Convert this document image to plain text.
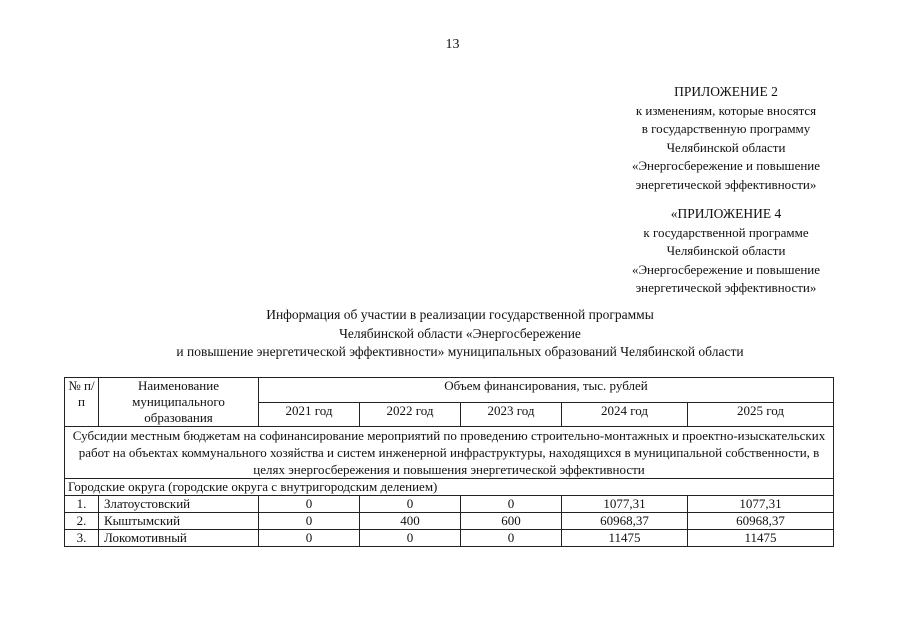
13
ПРИЛОЖЕНИЕ 2
к изменениям, которые вносятся
в государственную программу
Челябинской области
«Энергосбережение и повышение
энергетической эффективности»
«ПРИЛОЖЕНИЕ 4
к государственной программе
Челябинской области
«Энергосбережение и повышение
энергетической эффективности»
Информация об участии в реализации государственной программы
Челябинской области «Энергосбережение
и повышение энергетической эффективности» муниципальных образований Челябинской области
№ п/п	Наименование муниципального образования	Объем финансирования, тыс. рублей				
		2021 год	2022 год	2023 год	2024 год	2025 год
Субсидии местным бюджетам на софинансирование мероприятий по проведению строительно-монтажных и проектно-изыскательских работ на объектах коммунального хозяйства и систем инженерной инфраструктуры, находящихся в муниципальной собственности, в целях энергосбережения и повышения энергетической эффективности						
Городские округа (городские округа с внутригородским делением)						
1.	Златоустовский	0	0	0	1077,31	1077,31
2.	Кыштымский	0	400	600	60968,37	60968,37
3.	Локомотивный	0	0	0	11475	11475
